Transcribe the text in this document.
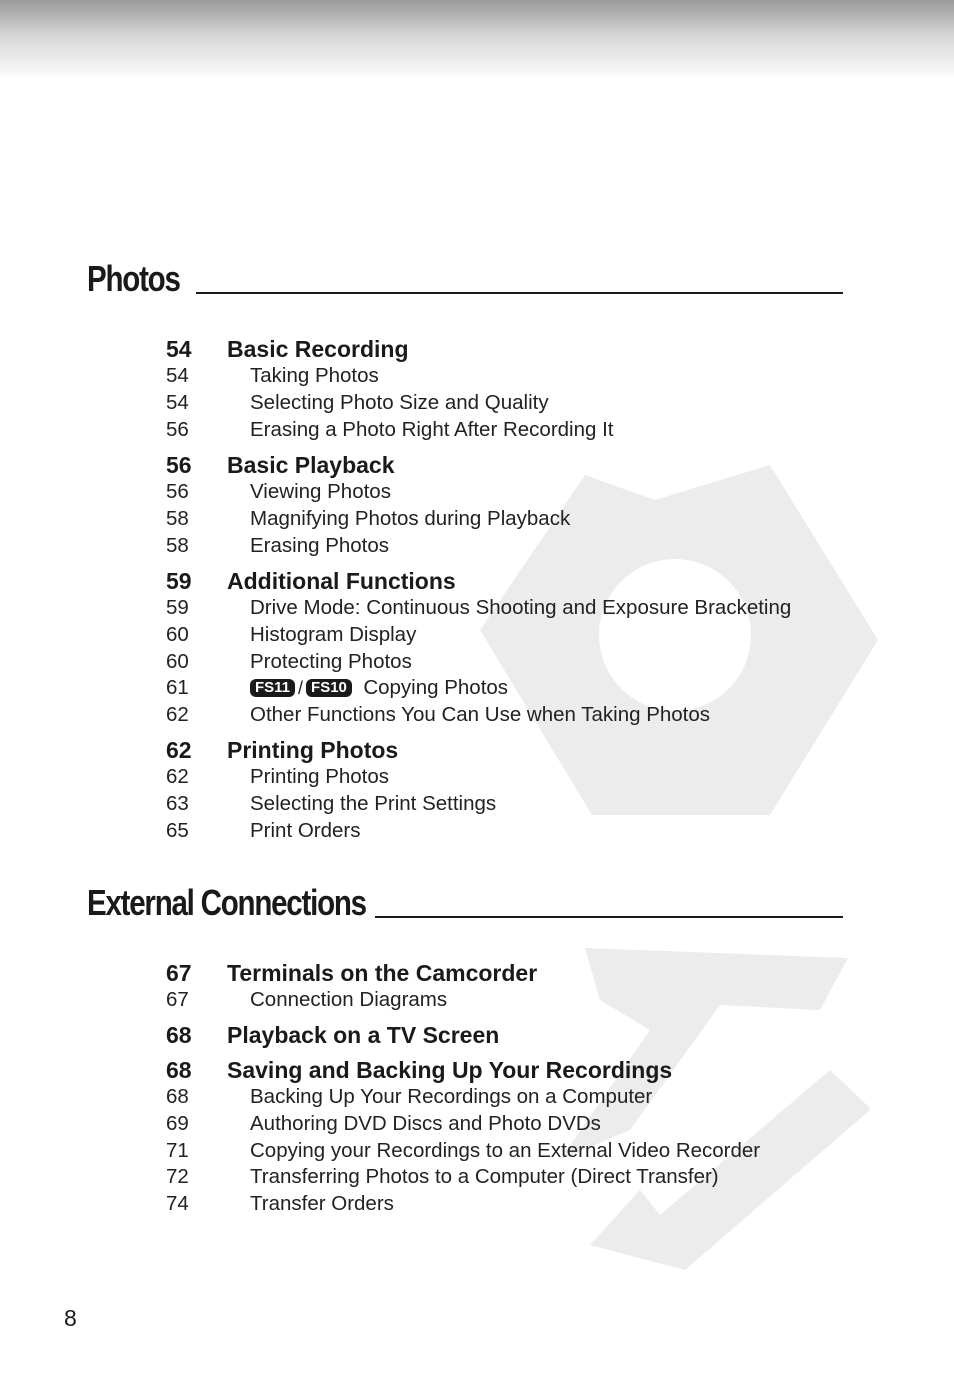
Photos
External Connections
54 Basic Recording
54	Taking Photos
54	Selecting Photo Size and Quality
56	Erasing a Photo Right After Recording It
56 Basic Playback
56	Viewing Photos
58	Magnifying Photos during Playback
58	Erasing Photos
59 Additional Functions
59	Drive Mode: Continuous Shooting and Exposure Bracketing
60	Histogram Display
60	Protecting Photos
61	FS11 / FS10 Copying Photos
62	Other Functions You Can Use when Taking Photos
62 Printing Photos
62	Printing Photos
63	Selecting the Print Settings
65	Print Orders
67 Terminals on the Camcorder
67	Connection Diagrams
68 Playback on a TV Screen
68 Saving and Backing Up Your Recordings
68	Backing Up Your Recordings on a Computer
69	Authoring DVD Discs and Photo DVDs
71	Copying your Recordings to an External Video Recorder
72	Transferring Photos to a Computer (Direct Transfer)
74	Transfer Orders
8
